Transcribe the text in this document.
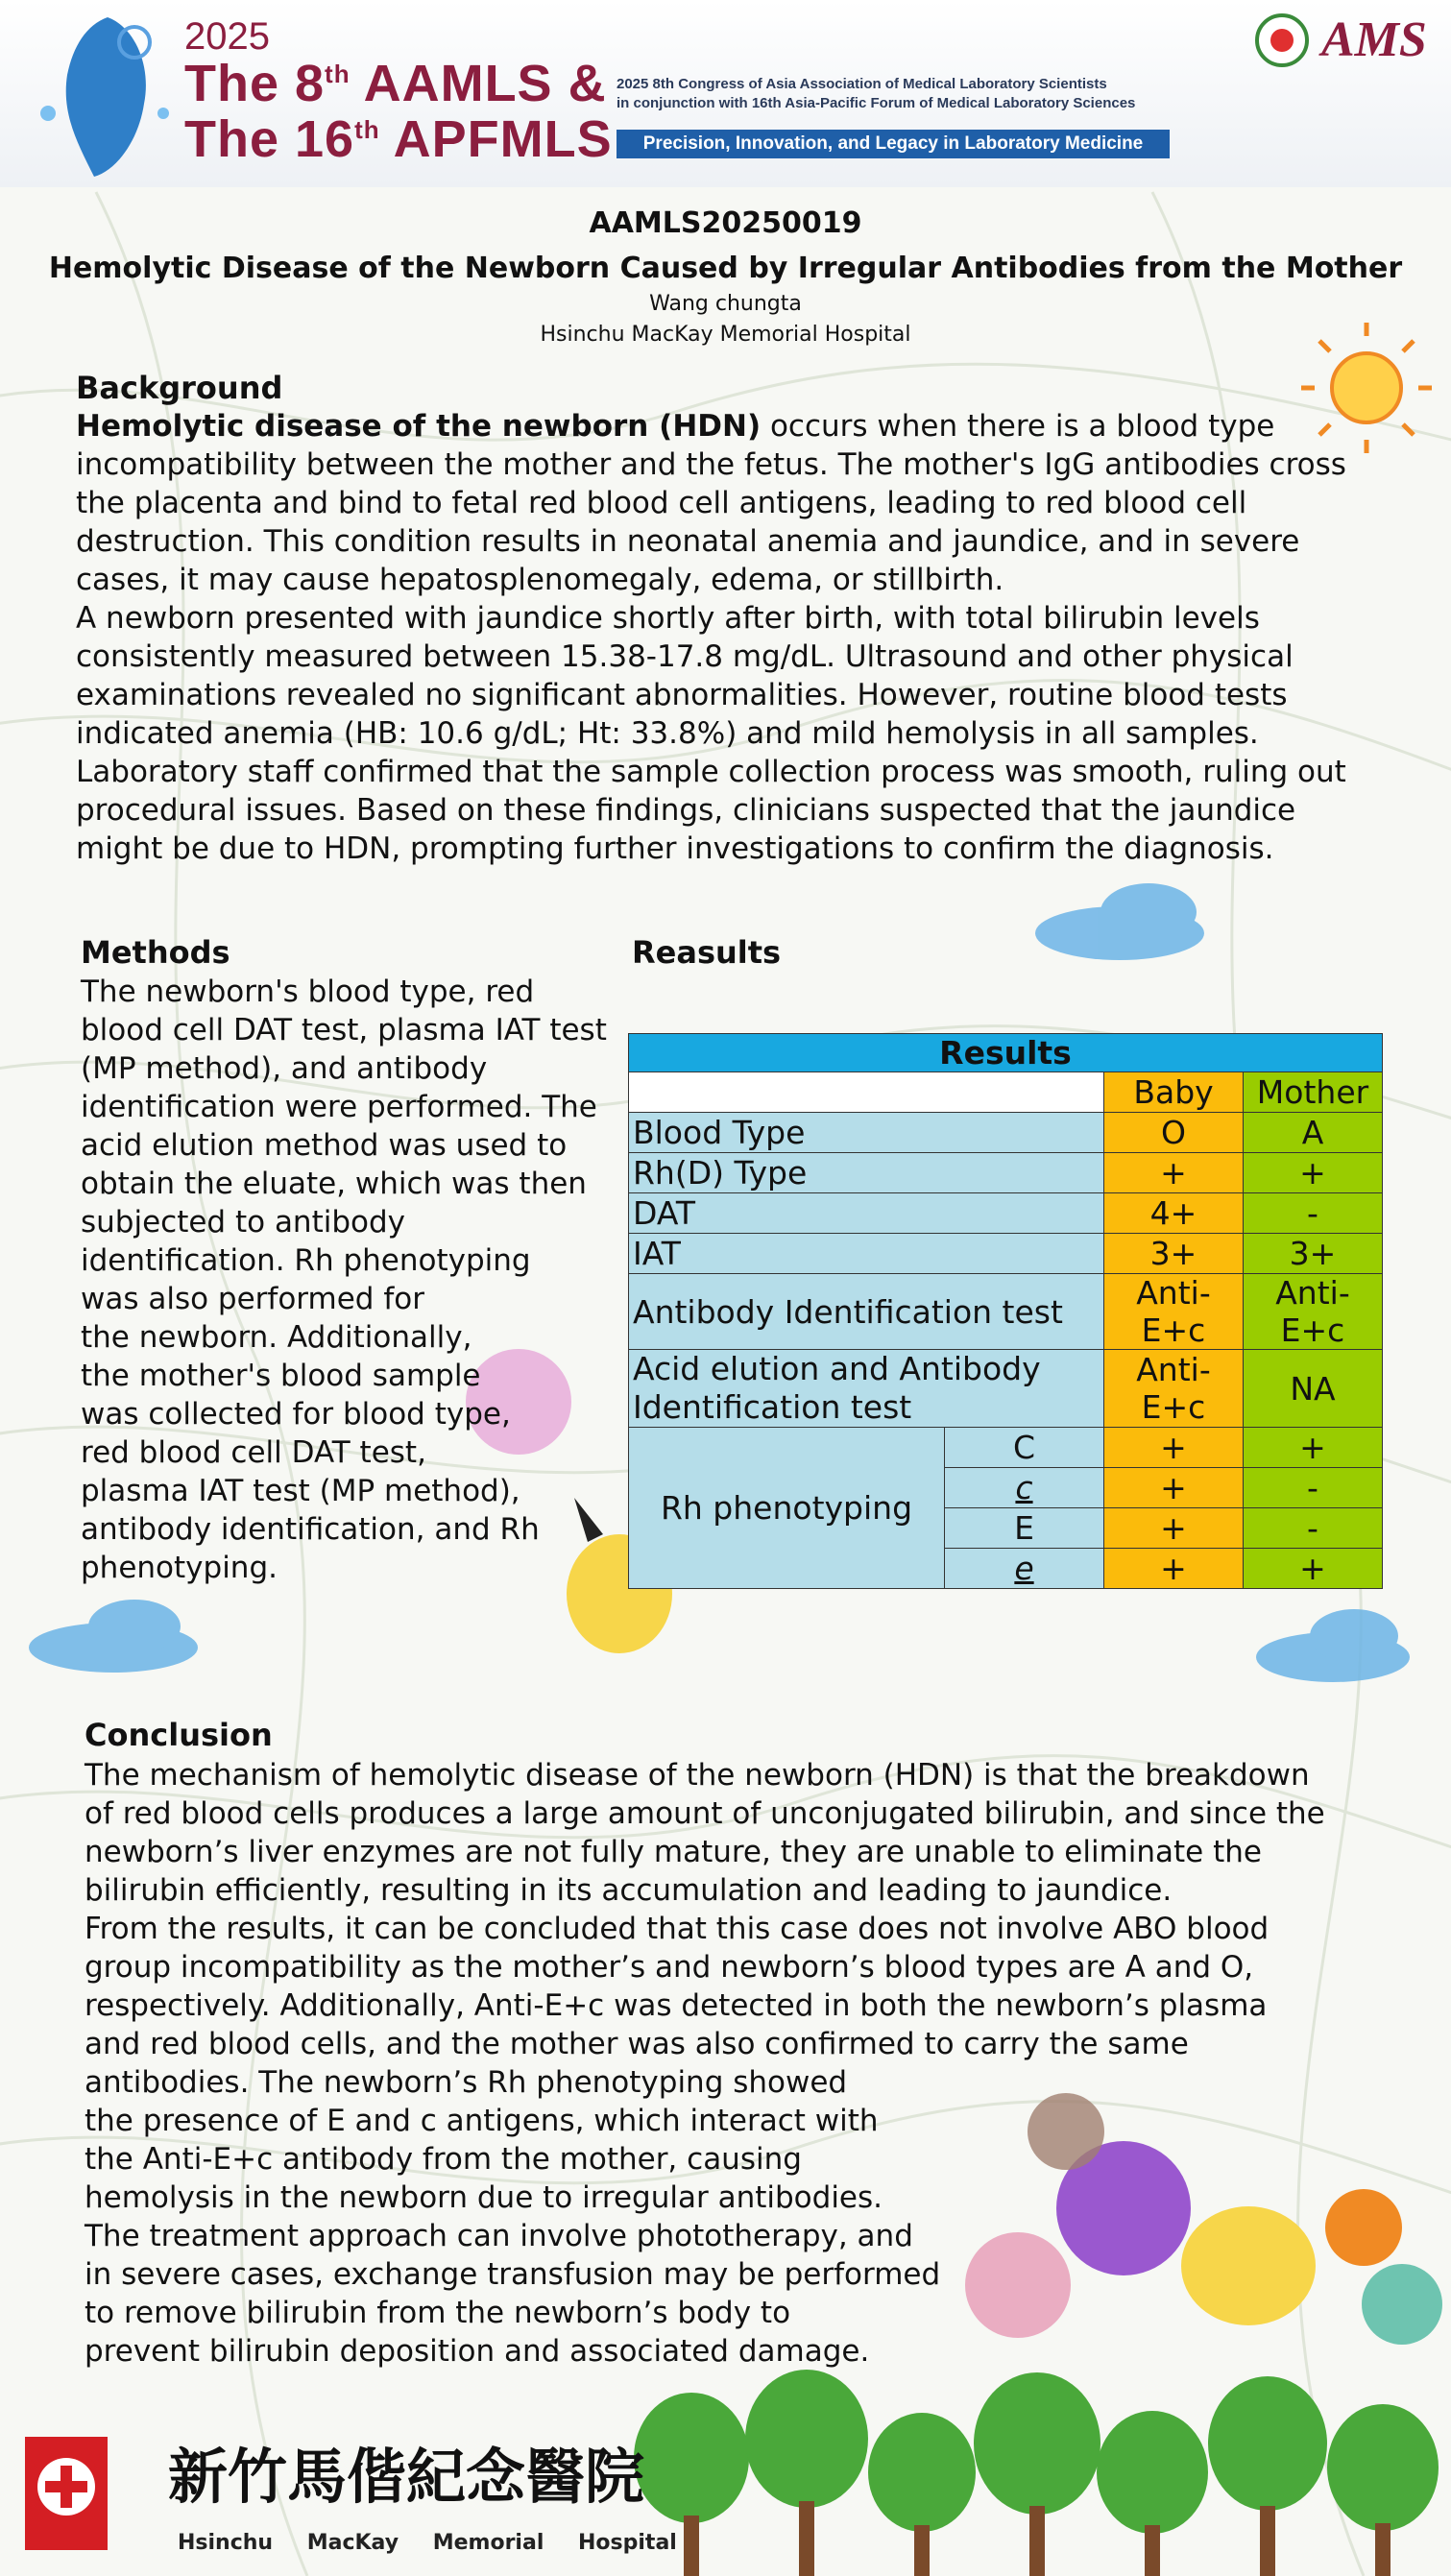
2025
The 8th AAMLS &
The 16th APFMLS
2025 8th Congress of Asia Association of Medical Laboratory Scientists
in conjunction with 16th Asia-Pacific Forum of Medical Laboratory Sciences
Precision, Innovation, and Legacy in Laboratory Medicine
AMS
AAMLS20250019
Hemolytic Disease of the Newborn Caused by Irregular Antibodies from the Mother
Wang chungta
Hsinchu MacKay Memorial Hospital
Background
Hemolytic disease of the newborn (HDN) occurs when there is a blood type
incompatibility between the mother and the fetus. The mother's IgG antibodies cross
the placenta and bind to fetal red blood cell antigens, leading to red blood cell
destruction. This condition results in neonatal anemia and jaundice, and in severe
cases, it may cause hepatosplenomegaly, edema, or stillbirth.
A newborn presented with jaundice shortly after birth, with total bilirubin levels
consistently measured between 15.38-17.8 mg/dL. Ultrasound and other physical
examinations revealed no significant abnormalities. However, routine blood tests
indicated anemia (HB: 10.6 g/dL; Ht: 33.8%) and mild hemolysis in all samples.
Laboratory staff confirmed that the sample collection process was smooth, ruling out
procedural issues. Based on these findings, clinicians suspected that the jaundice
might be due to HDN, prompting further investigations to confirm the diagnosis.
Methods
The newborn's blood type, red
blood cell DAT test, plasma IAT test
(MP method), and antibody
identification were performed. The
acid elution method was used to
obtain the eluate, which was then
subjected to antibody
identification. Rh phenotyping
was also performed for
the newborn. Additionally,
the mother's blood sample
was collected for blood type,
red blood cell DAT test,
plasma IAT test (MP method),
antibody identification, and Rh
phenotyping.
Reasults
Results			
		Baby	Mother
Blood Type		O	A
Rh(D) Type		+	+
DAT		4+	-
IAT		3+	3+
Antibody Identification test		Anti-E+c	Anti-E+c

Acid elution and Antibody
Identification test		Anti-E+c	NA
Rh phenotyping	C	+	+
	c	+	-
	E	+	-
	e	+	+
Conclusion
The mechanism of hemolytic disease of the newborn (HDN) is that the breakdown
of red blood cells produces a large amount of unconjugated bilirubin, and since the
newborn’s liver enzymes are not fully mature, they are unable to eliminate the
bilirubin efficiently, resulting in its accumulation and leading to jaundice.
From the results, it can be concluded that this case does not involve ABO blood
group incompatibility as the mother’s and newborn’s blood types are A and O,
respectively. Additionally, Anti-E+c was detected in both the newborn’s plasma
and red blood cells, and the mother was also confirmed to carry the same
antibodies. The newborn’s Rh phenotyping showed
the presence of E and c antigens, which interact with
the Anti-E+c antibody from the mother, causing
hemolysis in the newborn due to irregular antibodies.
The treatment approach can involve phototherapy, and
in severe cases, exchange transfusion may be performed
to remove bilirubin from the newborn’s body to
prevent bilirubin deposition and associated damage.
新竹馬偕紀念醫院
Hsinchu MacKay Memorial Hospital
